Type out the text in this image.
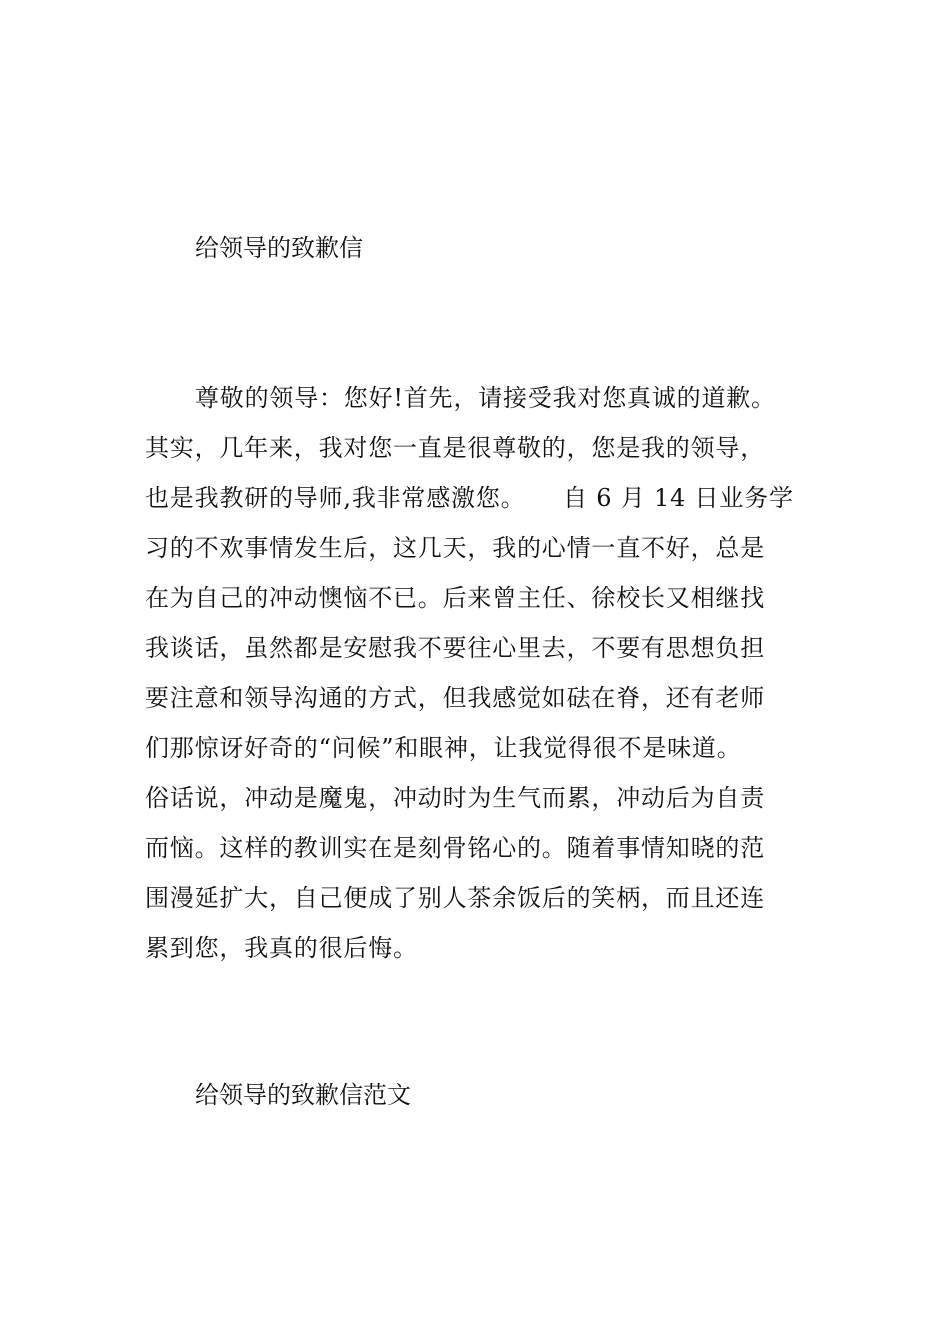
给领导的致歉信
尊敬的领导：您好!首先，请接受我对您真诚的道歉。
其实，几年来，我对您一直是很尊敬的，您是我的领导，
也是我教研的导师,我非常感激您。　　自 6 月 14 日业务学
习的不欢事情发生后，这几天，我的心情一直不好，总是
在为自己的冲动懊恼不已。后来曾主任、徐校长又相继找
我谈话，虽然都是安慰我不要往心里去，不要有思想负担
要注意和领导沟通的方式，但我感觉如砝在脊，还有老师
们那惊讶好奇的“问候”和眼神，让我觉得很不是味道。
俗话说，冲动是魔鬼，冲动时为生气而累，冲动后为自责
而恼。这样的教训实在是刻骨铭心的。随着事情知晓的范
围漫延扩大，自己便成了别人茶余饭后的笑柄，而且还连
累到您，我真的很后悔。
给领导的致歉信范文
